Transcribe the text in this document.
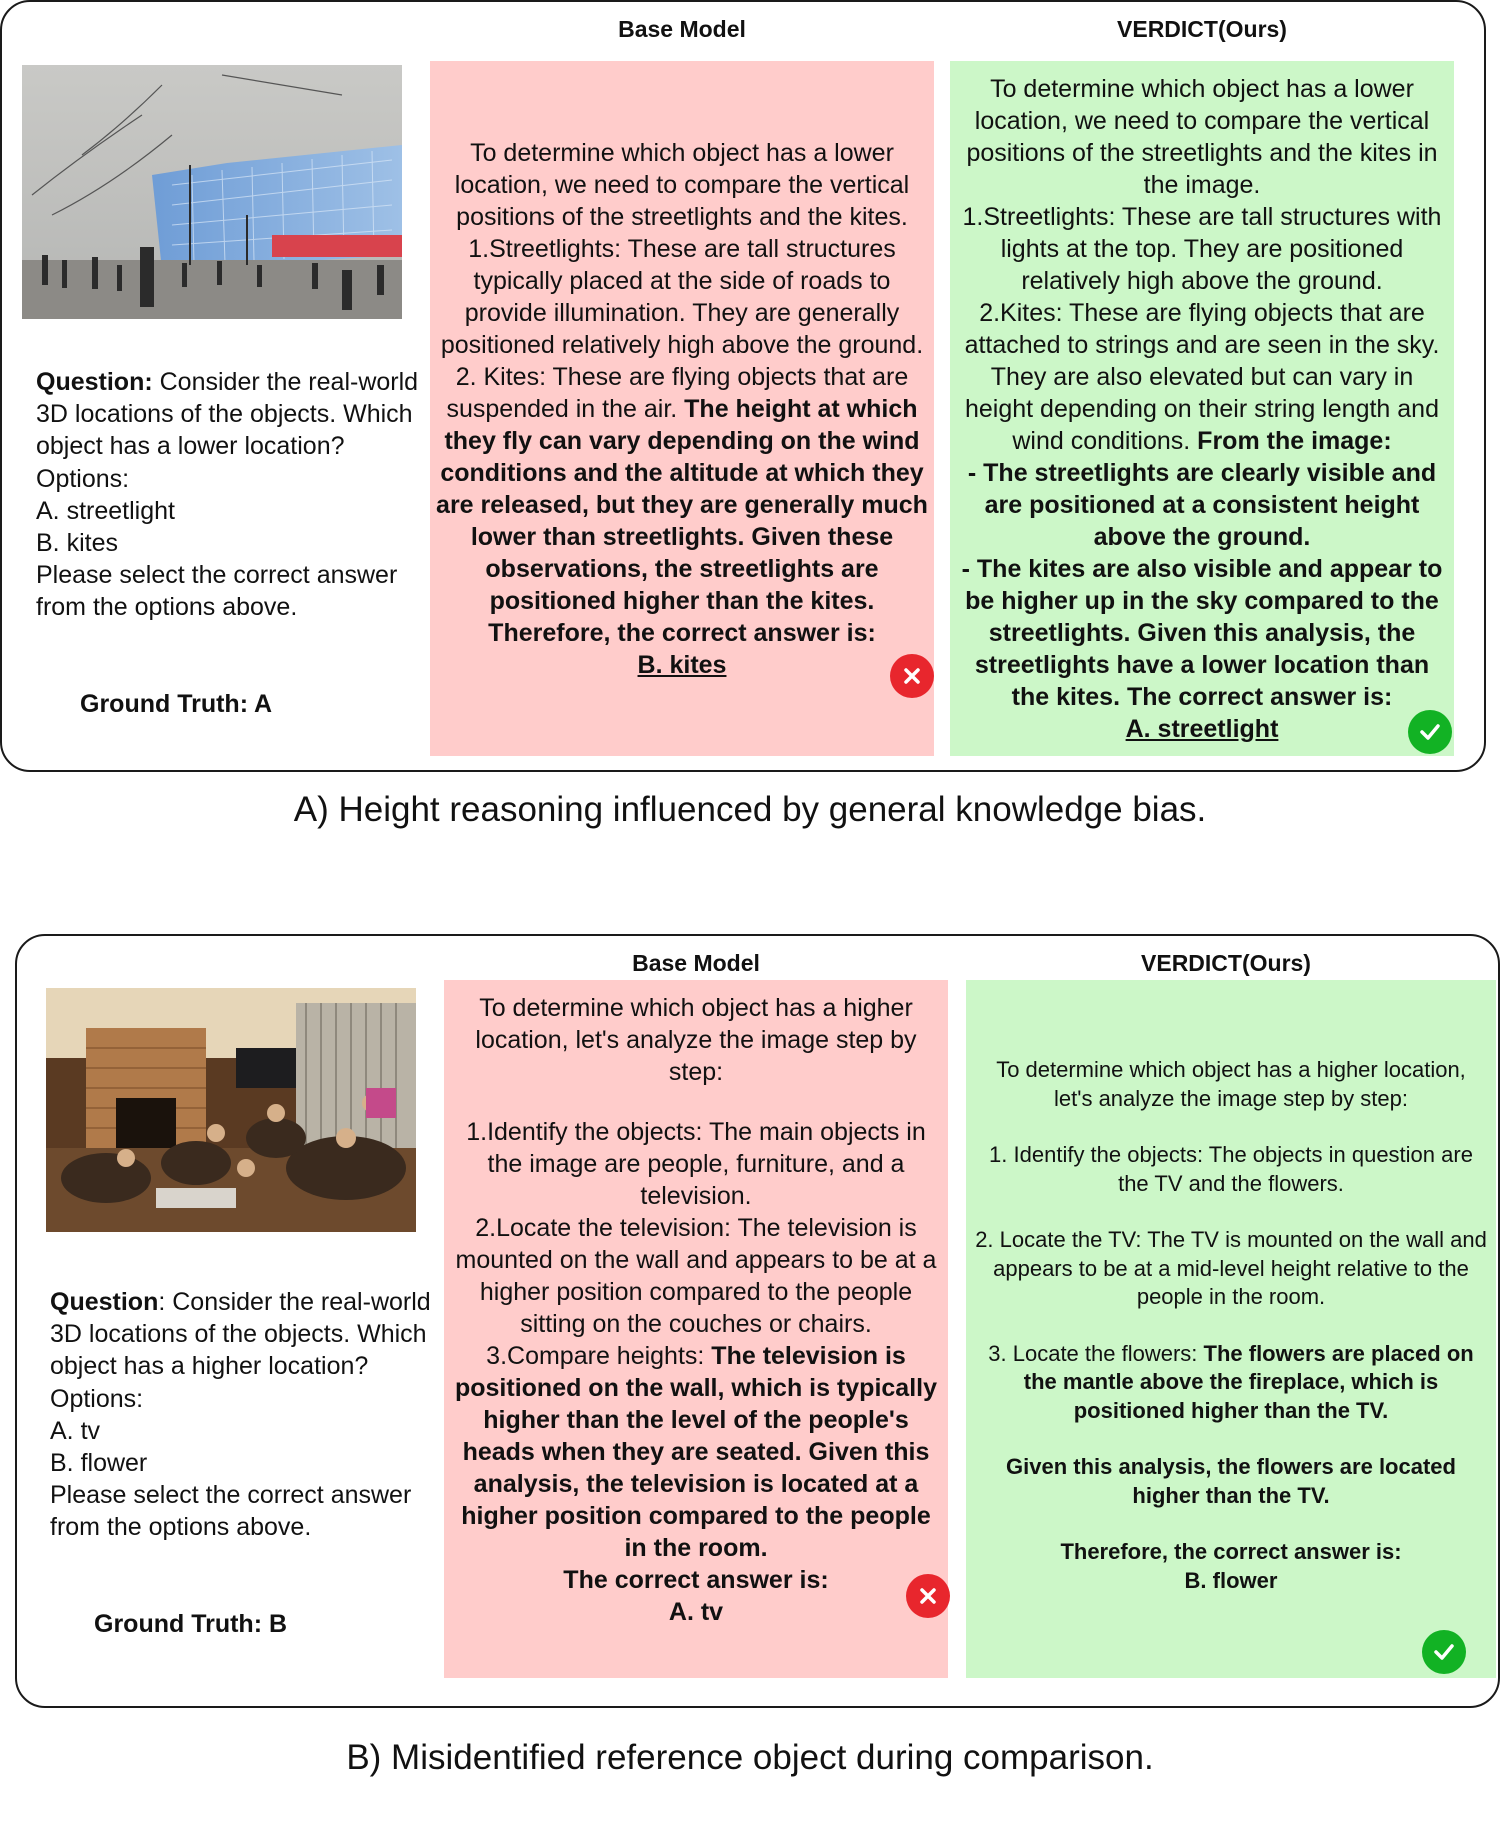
Base Model	VERDICT(Ours)
Question: Consider the real-world 3D locations of the objects. Which object has a lower location?
Options:
A. streetlight
B. kites
Please select the correct answer from the options above.
Ground Truth: A
To determine which object has a lower location, we need to compare the vertical positions of the streetlights and the kites.
1.Streetlights: These are tall structures typically placed at the side of roads to provide illumination. They are generally positioned relatively high above the ground.
2. Kites: These are flying objects that are suspended in the air. The height at which they fly can vary depending on the wind conditions and the altitude at which they are released, but they are generally much lower than streetlights. Given these observations, the streetlights are positioned higher than the kites. Therefore, the correct answer is:
B. kites
To determine which object has a lower location, we need to compare the vertical positions of the streetlights and the kites in the image.
1.Streetlights: These are tall structures with lights at the top. They are positioned relatively high above the ground.
2.Kites: These are flying objects that are attached to strings and are seen in the sky. They are also elevated but can vary in height depending on their string length and wind conditions. From the image:
- The streetlights are clearly visible and are positioned at a consistent height above the ground.
- The kites are also visible and appear to be higher up in the sky compared to the streetlights. Given this analysis, the streetlights have a lower location than the kites. The correct answer is:
A. streetlight
A) Height reasoning influenced by general knowledge bias.
Base Model	VERDICT(Ours)
Question: Consider the real-world 3D locations of the objects. Which object has a higher location?
Options:
A. tv
B. flower
Please select the correct answer from the options above.
Ground Truth: B
To determine which object has a higher location, let's analyze the image step by step:
1.Identify the objects: The main objects in the image are people, furniture, and a television.
2.Locate the television: The television is mounted on the wall and appears to be at a higher position compared to the people sitting on the couches or chairs.
3.Compare heights: The television is positioned on the wall, which is typically higher than the level of the people's heads when they are seated. Given this analysis, the television is located at a higher position compared to the people in the room.
The correct answer is:
A. tv
To determine which object has a higher location, let's analyze the image step by step:
1. Identify the objects: The objects in question are the TV and the flowers.
2. Locate the TV: The TV is mounted on the wall and appears to be at a mid-level height relative to the people in the room.
3. Locate the flowers: The flowers are placed on the mantle above the fireplace, which is positioned higher than the TV.
Given this analysis, the flowers are located higher than the TV.
Therefore, the correct answer is:
B. flower
B) Misidentified reference object during comparison.
